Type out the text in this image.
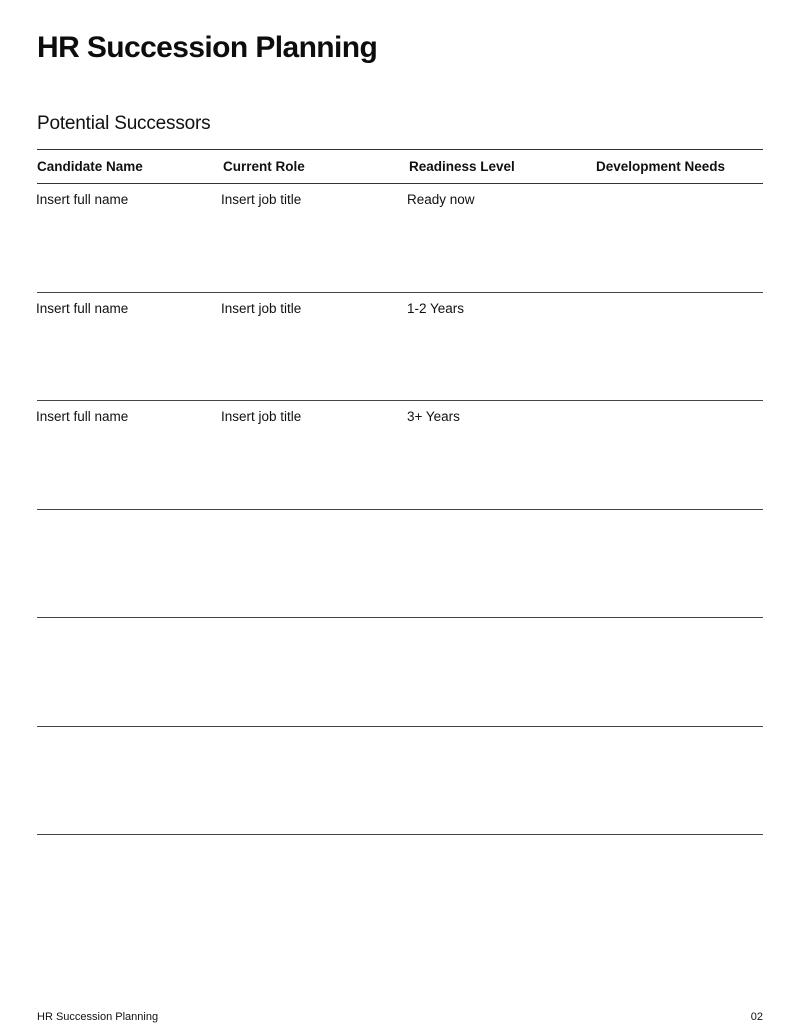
HR Succession Planning
Potential Successors
Candidate Name	Current Role	Readiness Level	Development Needs
Insert full name	Insert job title	Ready now
Insert full name	Insert job title	1-2 Years
Insert full name	Insert job title	3+ Years
HR Succession Planning	02
